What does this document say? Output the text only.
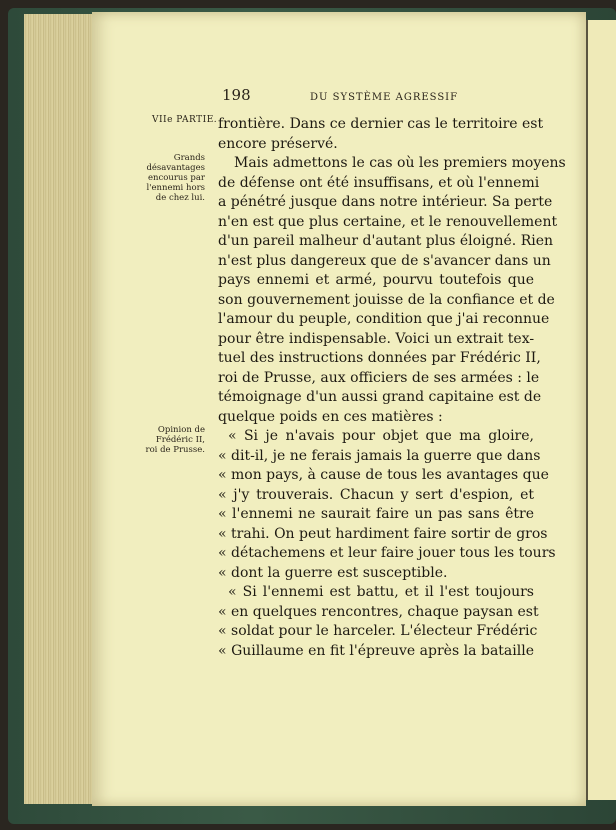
198	DU SYSTÈME AGRESSIF
VIIe PARTIE.
Grands
désavantages
encourus par
l'ennemi hors
de chez lui.
Opinion de
Frédéric II,
roi de Prusse.
frontière. Dans ce dernier cas le territoire est
encore préservé.
Mais admettons le cas où les premiers moyens
de défense ont été insuffisans, et où l'ennemi
a pénétré jusque dans notre intérieur. Sa perte
n'en est que plus certaine, et le renouvellement
d'un pareil malheur d'autant plus éloigné. Rien
n'est plus dangereux que de s'avancer dans un
pays ennemi et armé, pourvu toutefois que
son gouvernement jouisse de la confiance et de
l'amour du peuple, condition que j'ai reconnue
pour être indispensable. Voici un extrait tex-
tuel des instructions données par Frédéric II,
roi de Prusse, aux officiers de ses armées : le
témoignage d'un aussi grand capitaine est de
quelque poids en ces matières :
« Si je n'avais pour objet que ma gloire,
« dit-il, je ne ferais jamais la guerre que dans
« mon pays, à cause de tous les avantages que
« j'y trouverais. Chacun y sert d'espion, et
« l'ennemi ne saurait faire un pas sans être
« trahi. On peut hardiment faire sortir de gros
« détachemens et leur faire jouer tous les tours
« dont la guerre est susceptible.
« Si l'ennemi est battu, et il l'est toujours
« en quelques rencontres, chaque paysan est
« soldat pour le harceler. L'électeur Frédéric
« Guillaume en fit l'épreuve après la bataille
